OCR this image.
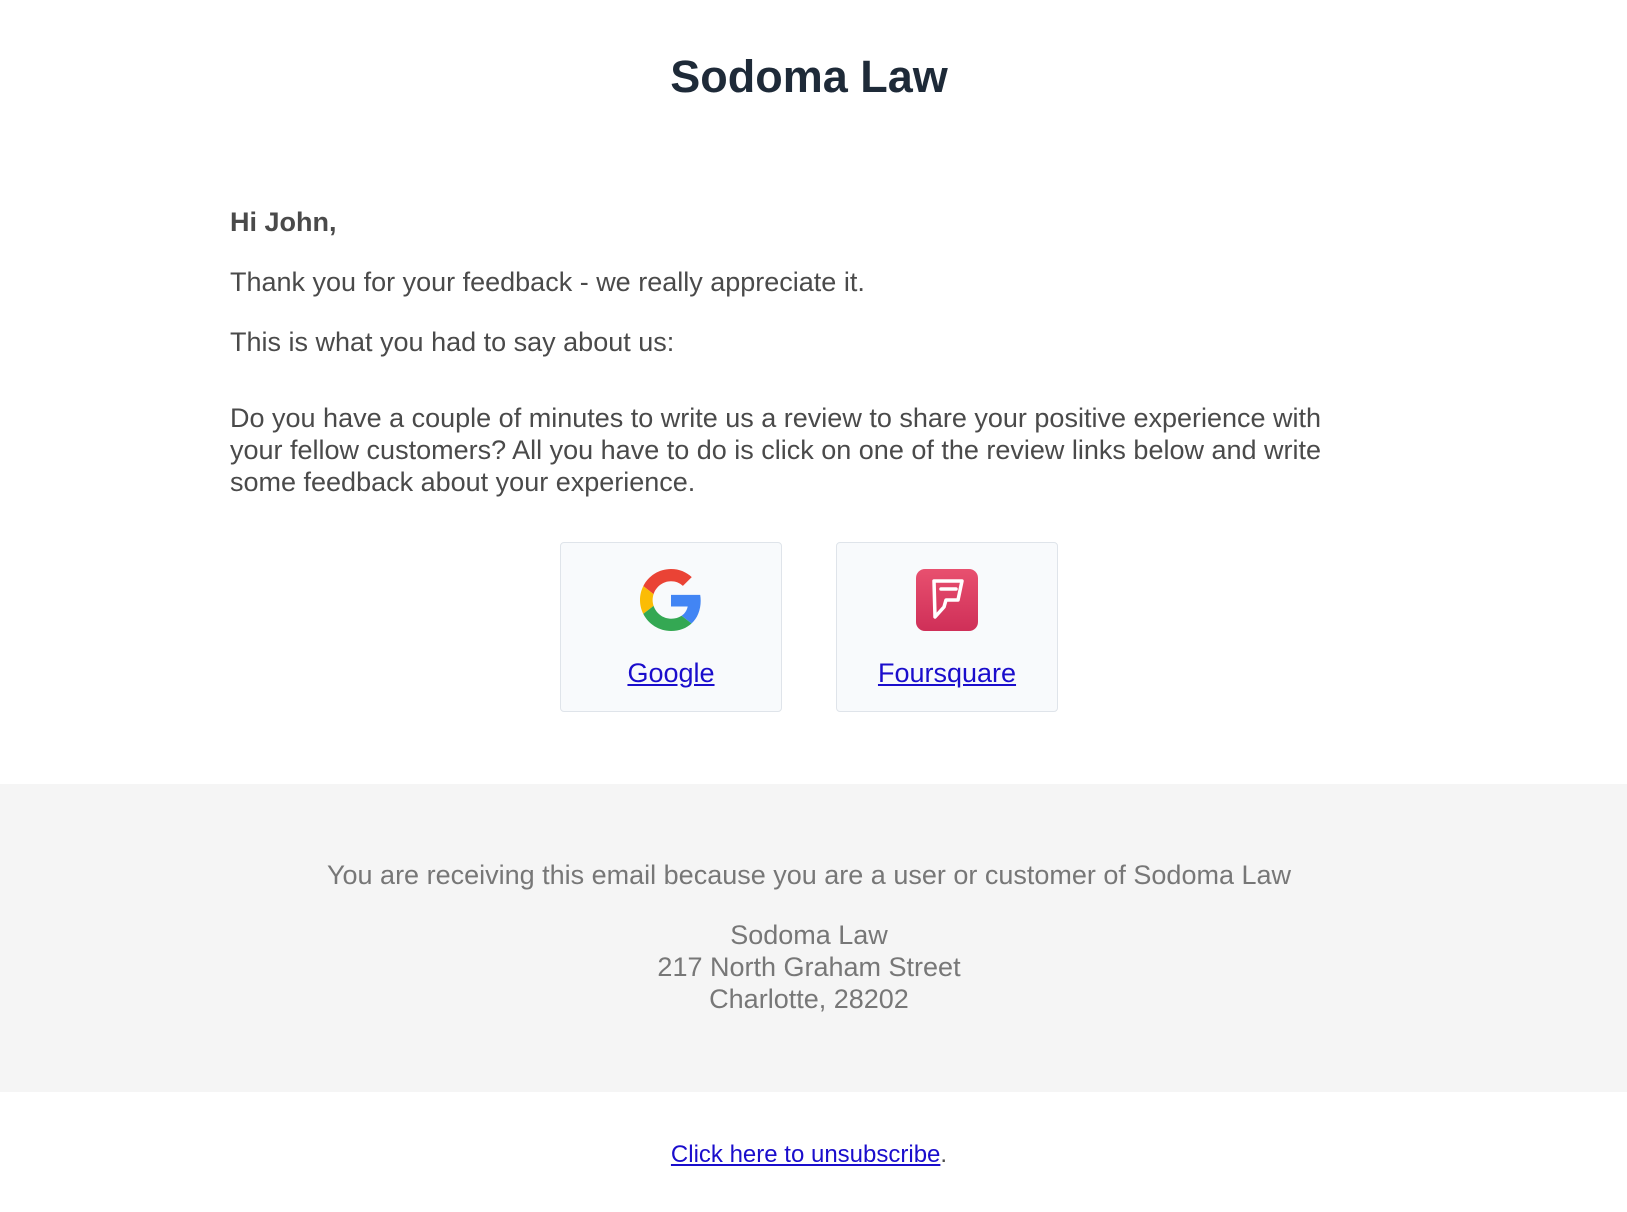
Sodoma Law

Hi John,

Thank you for your feedback - we really appreciate it.

This is what you had to say about us:

Do you have a couple of minutes to write us a review to share your positive experience with your fellow customers? All you have to do is click on one of the review links below and write some feedback about your experience.

Google	Foursquare

You are receiving this email because you are a user or customer of Sodoma Law

Sodoma Law
217 North Graham Street
Charlotte, 28202
Click here to unsubscribe.
